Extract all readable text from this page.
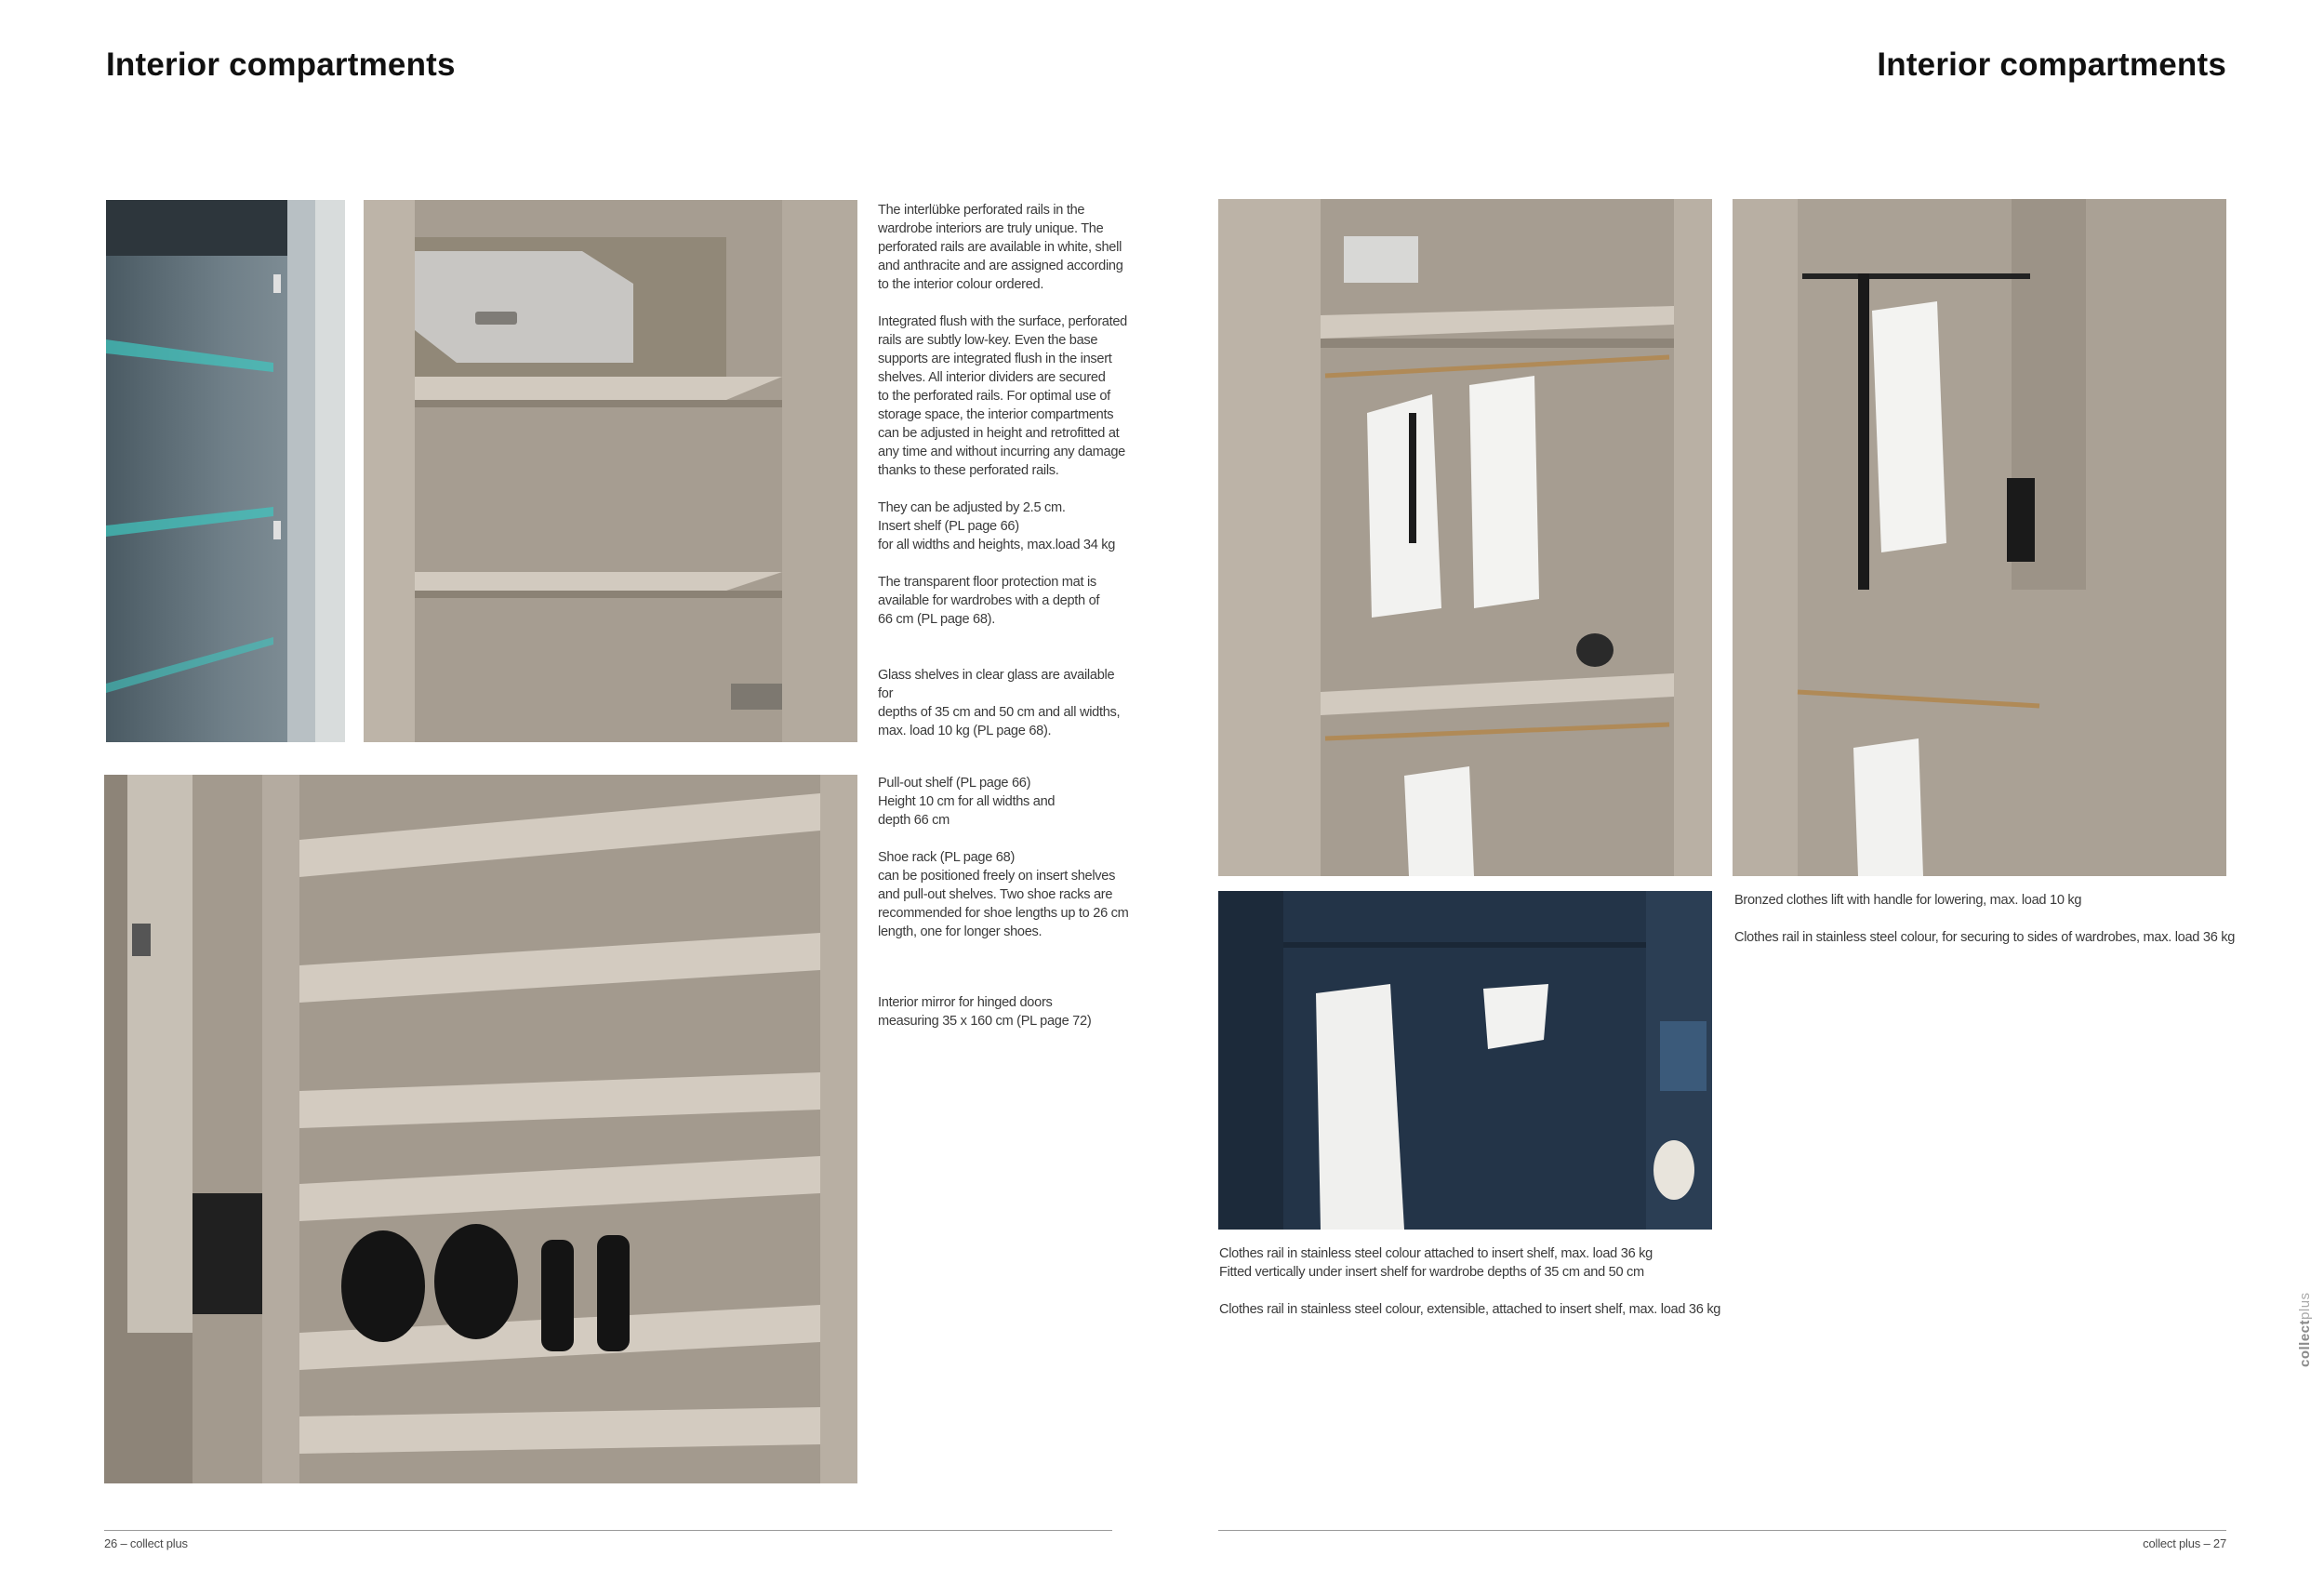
Interior compartments
The interlübke perforated rails in the
wardrobe interiors are truly unique. The
perforated rails are available in white, shell
and anthracite and are assigned according
to the interior colour ordered.
Integrated flush with the surface, perforated
rails are subtly low-key. Even the base
supports are integrated flush in the insert
shelves. All interior dividers are secured
to the perforated rails. For optimal use of
storage space, the interior compartments
can be adjusted in height and retrofitted at
any time and without incurring any damage
thanks to these perforated rails.
They can be adjusted by 2.5 cm.
Insert shelf (PL page 66)
for all widths and heights, max.load 34 kg
The transparent floor protection mat is
available for wardrobes with a depth of
66 cm (PL page 68).
Glass shelves in clear glass are available for
depths of 35 cm and 50 cm and all widths,
max. load 10 kg (PL page 68).
Pull-out shelf (PL page 66)
Height 10 cm for all widths and
depth 66 cm
Shoe rack (PL page 68)
can be positioned freely on insert shelves
and pull-out shelves. Two shoe racks are
recommended for shoe lengths up to 26 cm
length, one for longer shoes.
Interior mirror for hinged doors
measuring 35 x 160 cm (PL page 72)
26 – collect plus
Interior compartments
Bronzed clothes lift with handle for lowering, max. load 10 kg
Clothes rail in stainless steel colour, for securing to sides of wardrobes, max. load 36 kg
Clothes rail in stainless steel colour attached to insert shelf, max. load 36 kg
Fitted vertically under insert shelf for wardrobe depths of 35 cm and 50 cm
Clothes rail in stainless steel colour, extensible, attached to insert shelf, max. load 36 kg
collectplus
collect plus – 27
